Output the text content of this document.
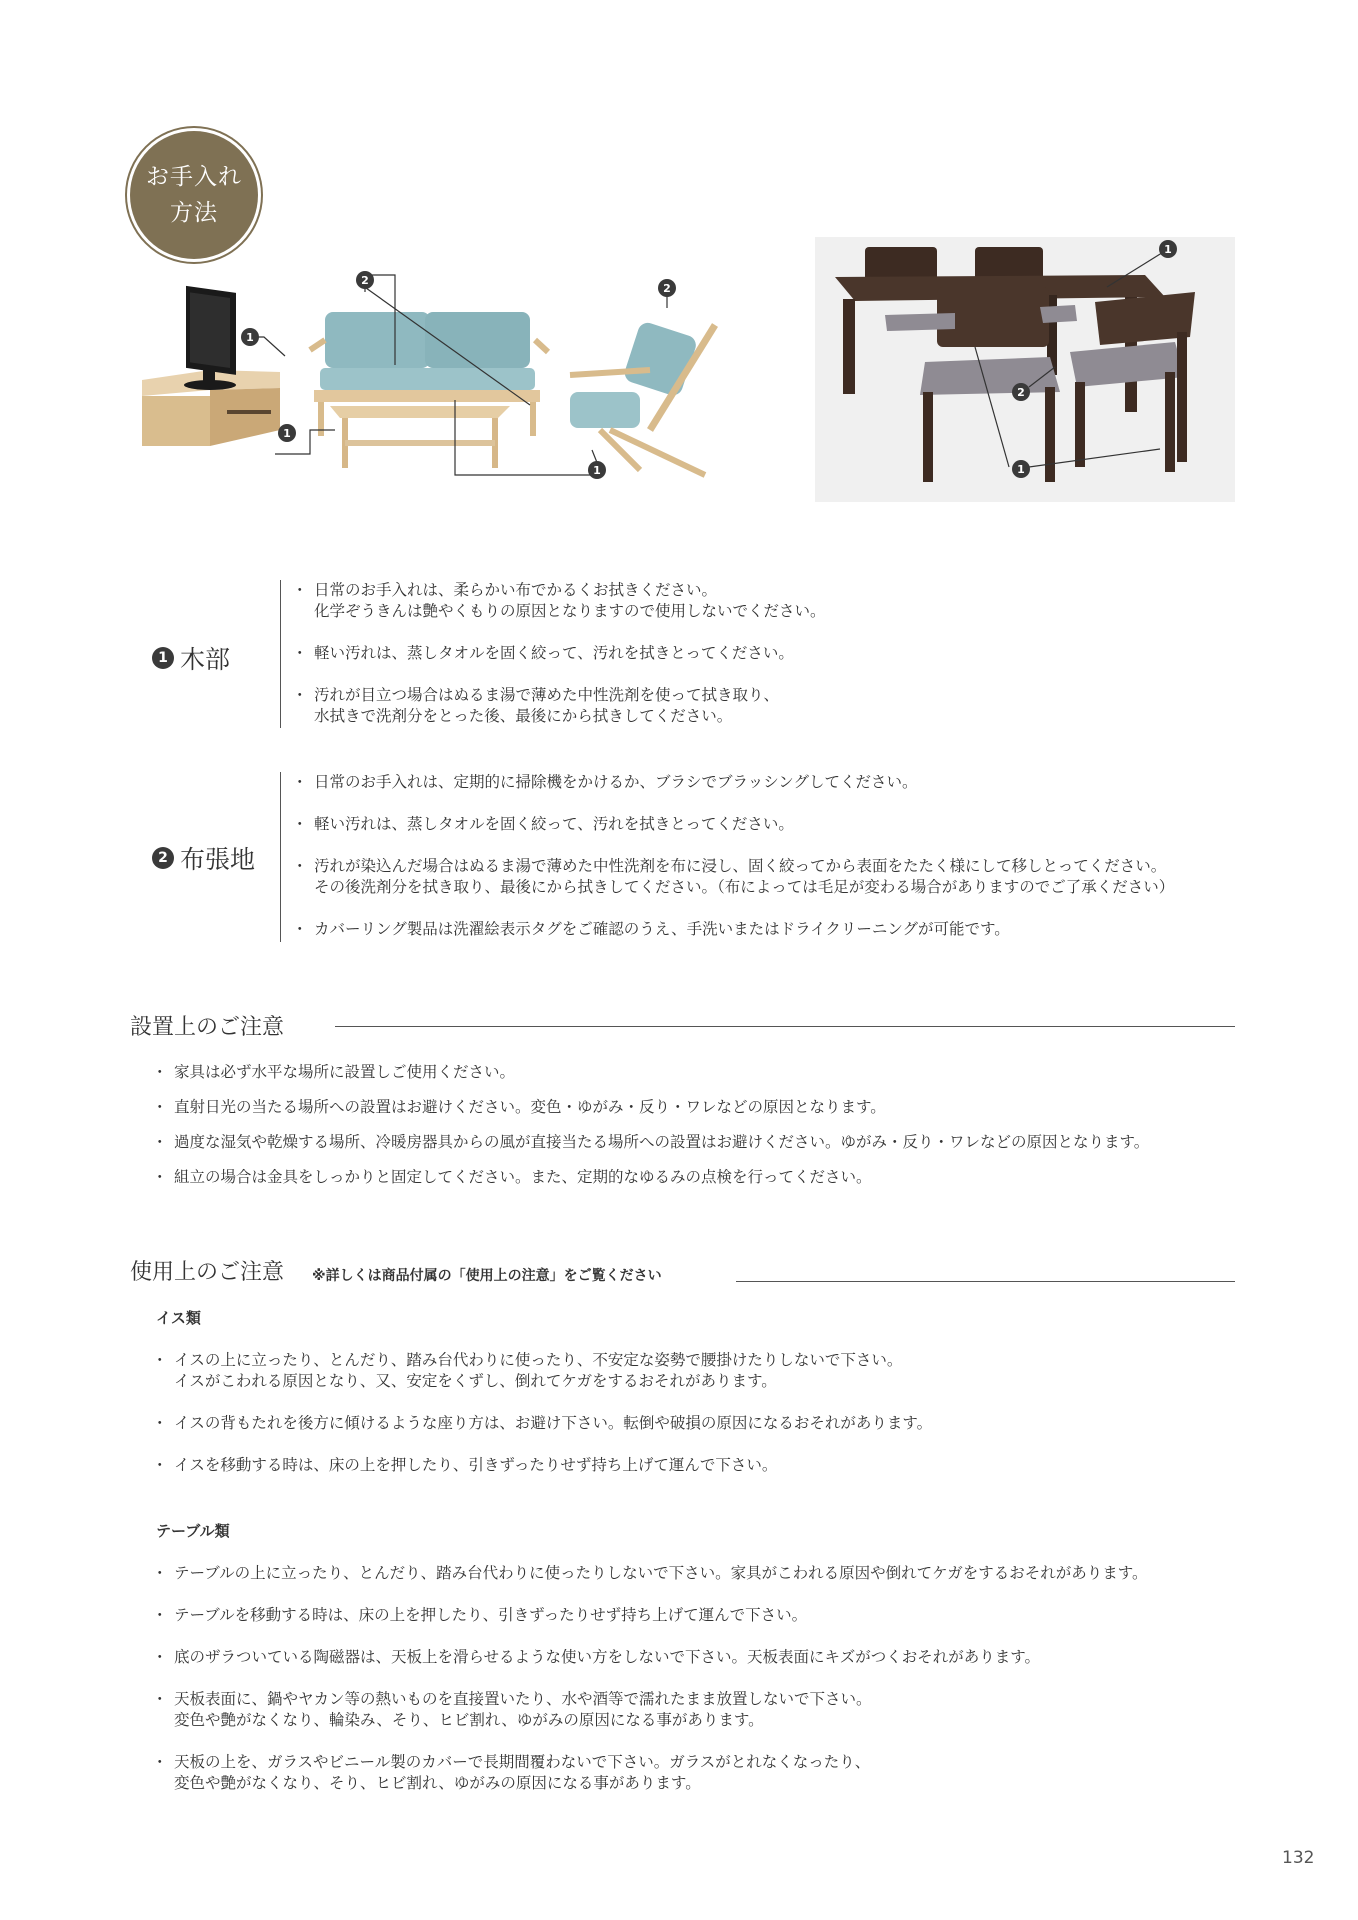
お手入れ
方法
2
1
1
2
1
1
2
1
1 木部
・ 日常のお手入れは、柔らかい布でかるくお拭きください。
化学ぞうきんは艶やくもりの原因となりますので使用しないでください。
・ 軽い汚れは、蒸しタオルを固く絞って、汚れを拭きとってください。
・ 汚れが目立つ場合はぬるま湯で薄めた中性洗剤を使って拭き取り、
水拭きで洗剤分をとった後、最後にから拭きしてください。
2 布張地
・ 日常のお手入れは、定期的に掃除機をかけるか、ブラシでブラッシングしてください。
・ 軽い汚れは、蒸しタオルを固く絞って、汚れを拭きとってください。
・ 汚れが染込んだ場合はぬるま湯で薄めた中性洗剤を布に浸し、固く絞ってから表面をたたく様にして移しとってください。
その後洗剤分を拭き取り、最後にから拭きしてください。（布によっては毛足が変わる場合がありますのでご了承ください）
・ カバーリング製品は洗濯絵表示タグをご確認のうえ、手洗いまたはドライクリーニングが可能です。
設置上のご注意
・ 家具は必ず水平な場所に設置しご使用ください。
・ 直射日光の当たる場所への設置はお避けください。変色・ゆがみ・反り・ワレなどの原因となります。
・ 過度な湿気や乾燥する場所、冷暖房器具からの風が直接当たる場所への設置はお避けください。ゆがみ・反り・ワレなどの原因となります。
・ 組立の場合は金具をしっかりと固定してください。また、定期的なゆるみの点検を行ってください。
使用上のご注意 ※詳しくは商品付属の「使用上の注意」をご覧ください
イス類
・ イスの上に立ったり、とんだり、踏み台代わりに使ったり、不安定な姿勢で腰掛けたりしないで下さい。
イスがこわれる原因となり、又、安定をくずし、倒れてケガをするおそれがあります。
・ イスの背もたれを後方に傾けるような座り方は、お避け下さい。転倒や破損の原因になるおそれがあります。
・ イスを移動する時は、床の上を押したり、引きずったりせず持ち上げて運んで下さい。
テーブル類
・ テーブルの上に立ったり、とんだり、踏み台代わりに使ったりしないで下さい。家具がこわれる原因や倒れてケガをするおそれがあります。
・ テーブルを移動する時は、床の上を押したり、引きずったりせず持ち上げて運んで下さい。
・ 底のザラついている陶磁器は、天板上を滑らせるような使い方をしないで下さい。天板表面にキズがつくおそれがあります。
・ 天板表面に、鍋やヤカン等の熱いものを直接置いたり、水や酒等で濡れたまま放置しないで下さい。
変色や艶がなくなり、輪染み、そり、ヒビ割れ、ゆがみの原因になる事があります。
・ 天板の上を、ガラスやビニール製のカバーで長期間覆わないで下さい。ガラスがとれなくなったり、
変色や艶がなくなり、そり、ヒビ割れ、ゆがみの原因になる事があります。
132
